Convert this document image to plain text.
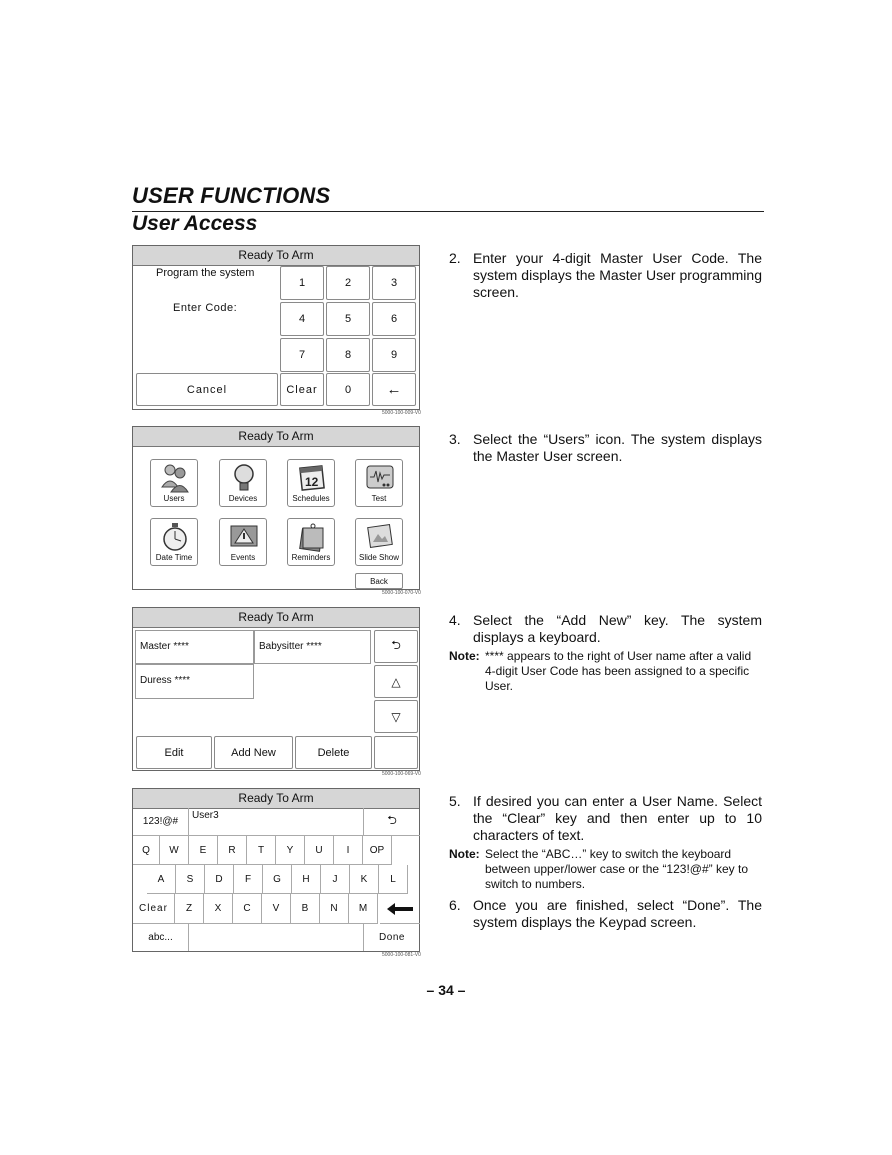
USER FUNCTIONS
User Access
Ready To Arm
Program the system
Enter Code:
1	2	3
4	5	6
7	8	9
Cancel	Clear	0	←
5000-100-009-V0
Ready To Arm
Users	Devices
12
Schedules	Test
Date Time	Events	Reminders	Slide Show
Back
5000-100-070-V0
Ready To Arm
Master ****	Babysitter ****
Duress ****
⮌
△
▽
Edit	Add New	Delete
5000-100-069-V0
Ready To Arm
123!@#
User3	⮌
Q	W	E	R	T	Y	U	I	OP
A	S	D	F	G	H	J	K	L
Clear	Z	X	C	V	B	N	M
abc...	Done
5000-100-081-V0
2. Enter your 4-digit Master User Code. The system displays the Master User programming screen.
3. Select the “Users” icon. The system displays the Master User screen.
4. Select the “Add New” key. The system displays a keyboard.
Note: **** appears to the right of User name after a valid 4-digit User Code has been assigned to a specific User.
5. If desired you can enter a User Name. Select the “Clear” key and then enter up to 10 characters of text.
Note: Select the “ABC…” key to switch the keyboard between upper/lower case or the “123!@#” key to switch to numbers.
6. Once you are finished, select “Done”. The system displays the Keypad screen.
– 34 –
